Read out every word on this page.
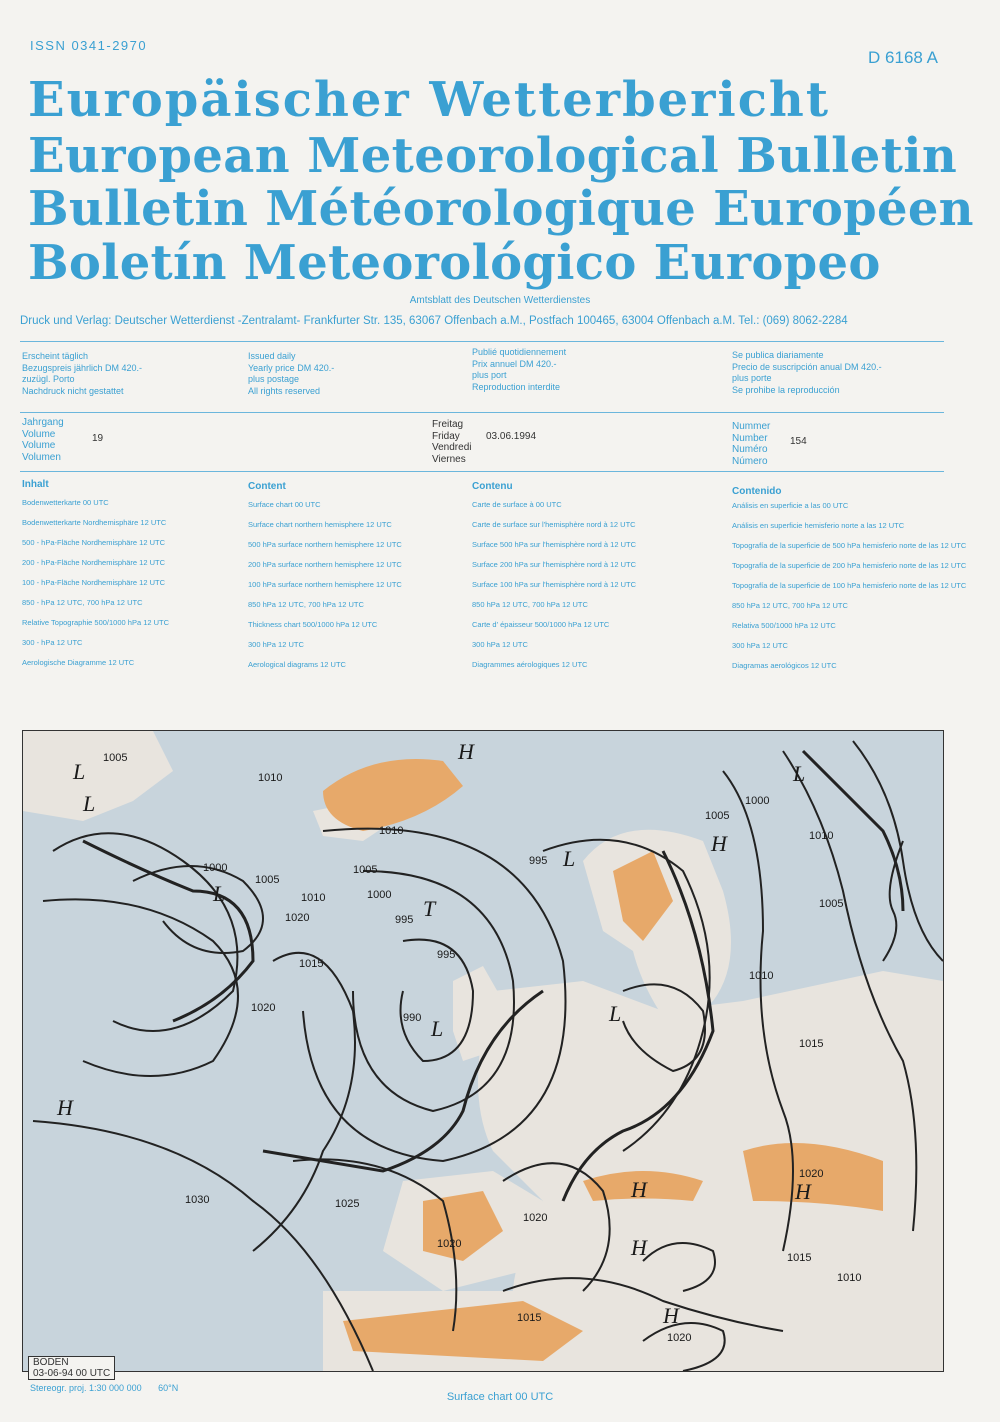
ISSN 0341-2970
D 6168 A
Europäischer Wetterbericht
European Meteorological Bulletin
Bulletin Météorologique Européen
Boletín Meteorológico Europeo
Amtsblatt des Deutschen Wetterdienstes
Druck und Verlag: Deutscher Wetterdienst -Zentralamt- Frankfurter Str. 135, 63067 Offenbach a.M., Postfach 100465, 63004 Offenbach a.M. Tel.: (069) 8062-2284
Erscheint täglich
Bezugspreis jährlich DM 420.-
zuzügl. Porto
Nachdruck nicht gestattet
Issued daily
Yearly price DM 420.-
plus postage
All rights reserved
Publié quotidiennement
Prix annuel DM 420.-
plus port
Reproduction interdite
Se publica diariamente
Precio de suscripción anual DM 420.-
plus porte
Se prohibe la reproducción
Jahrgang
Volume
Volume
Volumen
19
Freitag
Friday
Vendredi
Viernes
03.06.1994
Nummer
Number
Numéro
Número
154
Inhalt
Bodenwetterkarte 00 UTC
Bodenwetterkarte Nordhemisphäre 12 UTC
500 - hPa-Fläche Nordhemisphäre 12 UTC
200 - hPa-Fläche Nordhemisphäre 12 UTC
100 - hPa-Fläche Nordhemisphäre 12 UTC
850 - hPa 12 UTC, 700 hPa 12 UTC
Relative Topographie 500/1000 hPa 12 UTC
300 - hPa 12 UTC
Aerologische Diagramme 12 UTC
Content
Surface chart 00 UTC
Surface chart northern hemisphere 12 UTC
500 hPa surface northern hemisphere 12 UTC
200 hPa surface northern hemisphere 12 UTC
100 hPa surface northern hemisphere 12 UTC
850 hPa 12 UTC, 700 hPa 12 UTC
Thickness chart 500/1000 hPa 12 UTC
300 hPa 12 UTC
Aerological diagrams 12 UTC
Contenu
Carte de surface à 00 UTC
Carte de surface sur l'hemisphère nord à 12 UTC
Surface 500 hPa sur l'hemisphère nord à 12 UTC
Surface 200 hPa sur l'hemisphère nord à 12 UTC
Surface 100 hPa sur l'hemisphère nord à 12 UTC
850 hPa 12 UTC, 700 hPa 12 UTC
Carte d' épaisseur 500/1000 hPa 12 UTC
300 hPa 12 UTC
Diagrammes aérologiques 12 UTC
Contenido
Análisis en superficie a las 00 UTC
Análisis en superficie hemisferio norte a las 12 UTC
Topografía de la superficie de 500 hPa hemisferio norte de las 12 UTC
Topografía de la superficie de 200 hPa hemisferio norte de las 12 UTC
Topografía de la superficie de 100 hPa hemisferio norte de las 12 UTC
850 hPa 12 UTC, 700 hPa 12 UTC
Relativa 500/1000 hPa 12 UTC
300 hPa 12 UTC
Diagramas aerológicos 12 UTC
1005
1010
1000
1005
1010
1005
995
1000
995
1010
1015
1020
990
1010
1005
995
1000
1005
1010
1015
1020
1020
1025
1030
1020
1015
1020
1015
1010
1020
H
L
L
L
L
T
L
L
L
H
H
H	H
H
H
BODEN
03-06-94 00 UTC
Stereogr. proj. 1:30 000 000 60°N
Surface chart 00 UTC
